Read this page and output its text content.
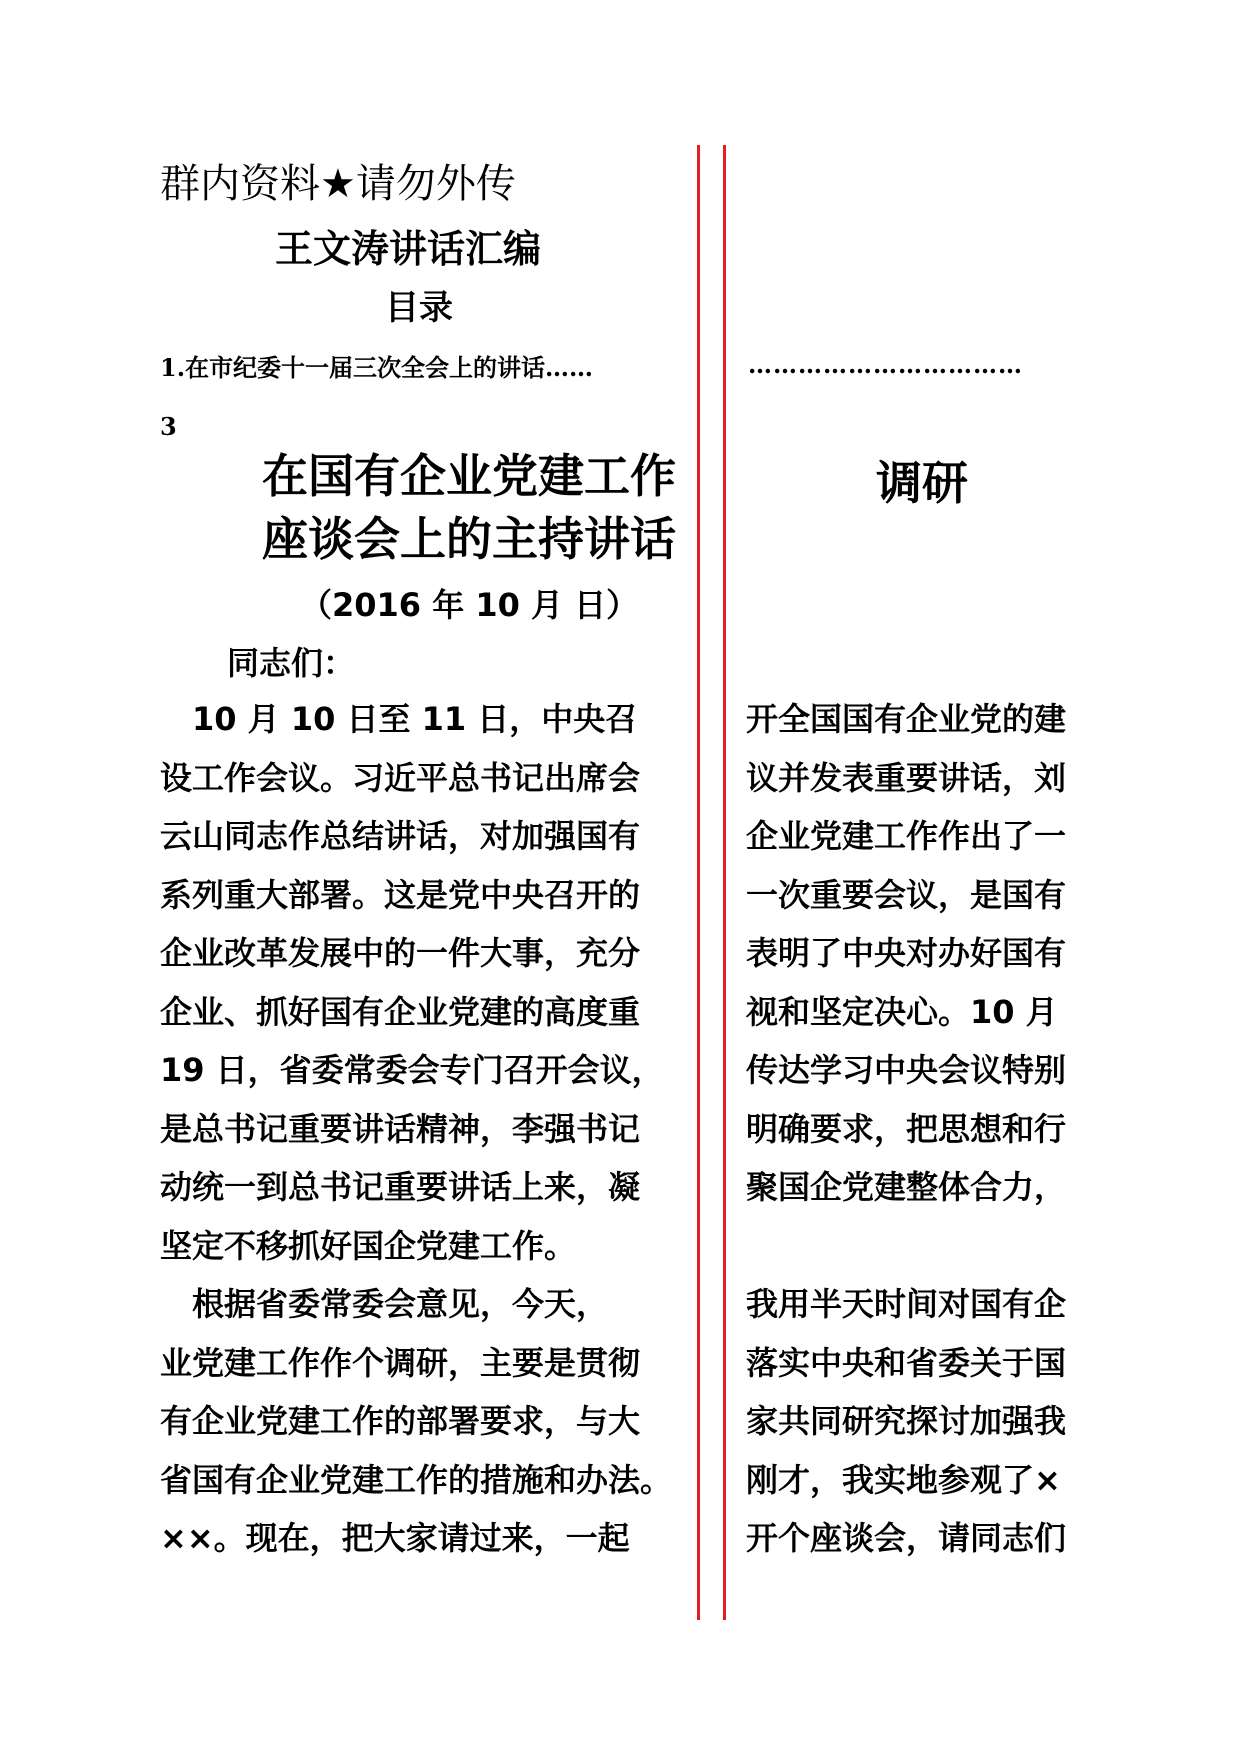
群内资料★请勿外传
王文涛讲话汇编
目录
1.在市纪委十一届三次全会上的讲话……	……………………………
3
在国有企业党建工作
座谈会上的主持讲话
调研
（2016 年 10 月 日）
同志们：
　10 月 10 日至 11 日，中央召
设工作会议。习近平总书记出席会
云山同志作总结讲话，对加强国有
系列重大部署。这是党中央召开的
企业改革发展中的一件大事，充分
企业、抓好国有企业党建的高度重
19 日，省委常委会专门召开会议，
是总书记重要讲话精神，李强书记
动统一到总书记重要讲话上来，凝
坚定不移抓好国企党建工作。
开全国国有企业党的建
议并发表重要讲话，刘
企业党建工作作出了一
一次重要会议，是国有
表明了中央对办好国有
视和坚定决心。10 月
传达学习中央会议特别
明确要求，把思想和行
聚国企党建整体合力，
　根据省委常委会意见，今天，
业党建工作作个调研，主要是贯彻
有企业党建工作的部署要求，与大
省国有企业党建工作的措施和办法。
××。现在，把大家请过来，一起
我用半天时间对国有企
落实中央和省委关于国
家共同研究探讨加强我
刚才，我实地参观了×
开个座谈会，请同志们
